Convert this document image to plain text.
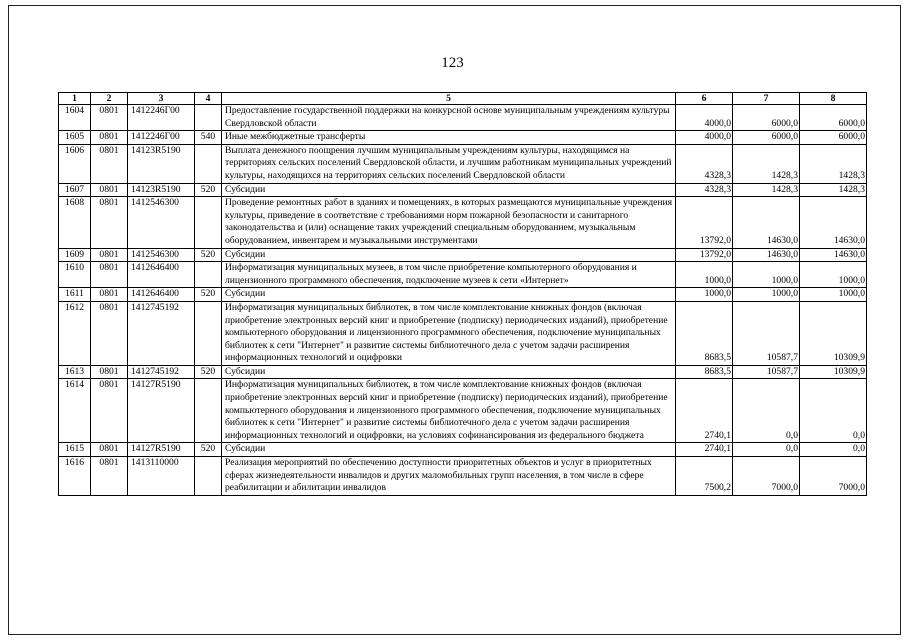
123
1	2	3	4	5	6	7	8
1604	0801	1412246Г00		Предоставление государственной поддержки на конкурсной основе муниципальным учреждениям культуры Свердловской области	4000,0	6000,0	6000,0
1605	0801	1412246Г00	540	Иные межбюджетные трансферты	4000,0	6000,0	6000,0
1606	0801	14123R5190		Выплата денежного поощрения лучшим муниципальным учреждениям культуры, находящимся на территориях сельских поселений Свердловской области, и лучшим работникам муниципальных учреждений культуры, находящихся на территориях сельских поселений Свердловской области	4328,3	1428,3	1428,3
1607	0801	14123R5190	520	Субсидии	4328,3	1428,3	1428,3
1608	0801	1412546300		Проведение ремонтных работ в зданиях и помещениях, в которых размещаются муниципальные учреждения культуры, приведение в соответствие с требованиями норм пожарной безопасности и санитарного законодательства и (или) оснащение таких учреждений специальным оборудованием, музыкальным оборудованием, инвентарем и музыкальными инструментами	13792,0	14630,0	14630,0
1609	0801	1412546300	520	Субсидии	13792,0	14630,0	14630,0
1610	0801	1412646400		Информатизация муниципальных музеев, в том числе приобретение компьютерного оборудования и лицензионного программного обеспечения, подключение музеев к сети «Интернет»	1000,0	1000,0	1000,0
1611	0801	1412646400	520	Субсидии	1000,0	1000,0	1000,0
1612	0801	1412745192		Информатизация муниципальных библиотек, в том числе комплектование книжных фондов (включая приобретение электронных версий книг и приобретение (подписку) периодических изданий), приобретение компьютерного оборудования и лицензионного программного обеспечения, подключение муниципальных библиотек к сети "Интернет" и развитие системы библиотечного дела с учетом задачи расширения информационных технологий и оцифровки	8683,5	10587,7	10309,9
1613	0801	1412745192	520	Субсидии	8683,5	10587,7	10309,9
1614	0801	14127R5190		Информатизация муниципальных библиотек, в том числе комплектование книжных фондов (включая приобретение электронных версий книг и приобретение (подписку) периодических изданий), приобретение компьютерного оборудования и лицензионного программного обеспечения, подключение муниципальных библиотек к сети "Интернет" и развитие системы библиотечного дела с учетом задачи расширения информационных технологий и оцифровки, на условиях софинансирования из федерального бюджета	2740,1	0,0	0,0
1615	0801	14127R5190	520	Субсидии	2740,1	0,0	0,0
1616	0801	1413110000		Реализация мероприятий по обеспечению доступности приоритетных объектов и услуг в приоритетных сферах жизнедеятельности инвалидов и других маломобильных групп населения, в том числе в сфере реабилитации и абилитации инвалидов	7500,2	7000,0	7000,0
